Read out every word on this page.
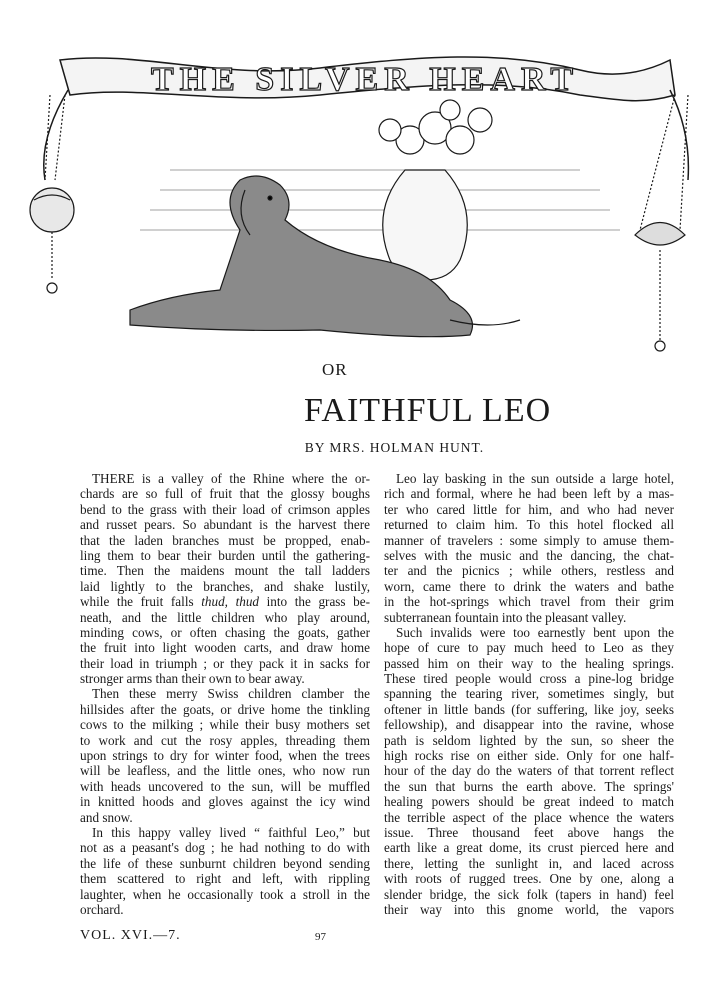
THE SILVER HEART
OR
FAITHFUL LEO
BY MRS. HOLMAN HUNT.
THERE is a valley of the Rhine where the or-
chards are so full of fruit that the glossy boughs
bend to the grass with their load of crimson apples
and russet pears. So abundant is the harvest there
that the laden branches must be propped, enab-
ling them to bear their burden until the gathering-
time. Then the maidens mount the tall ladders
laid lightly to the branches, and shake lustily,
while the fruit falls thud, thud into the grass be-
neath, and the little children who play around,
minding cows, or often chasing the goats, gather
the fruit into light wooden carts, and draw home
their load in triumph ; or they pack it in sacks for
stronger arms than their own to bear away.
Then these merry Swiss children clamber the
hillsides after the goats, or drive home the tinkling
cows to the milking ; while their busy mothers set
to work and cut the rosy apples, threading them
upon strings to dry for winter food, when the trees
will be leafless, and the little ones, who now run
with heads uncovered to the sun, will be muffled
in knitted hoods and gloves against the icy wind
and snow.
In this happy valley lived “ faithful Leo,” but
not as a peasant's dog ; he had nothing to do with
the life of these sunburnt children beyond sending
them scattered to right and left, with rippling
laughter, when he occasionally took a stroll in the
orchard.
Leo lay basking in the sun outside a large hotel,
rich and formal, where he had been left by a mas-
ter who cared little for him, and who had never
returned to claim him. To this hotel flocked all
manner of travelers : some simply to amuse them-
selves with the music and the dancing, the chat-
ter and the picnics ; while others, restless and
worn, came there to drink the waters and bathe
in the hot-springs which travel from their grim
subterranean fountain into the pleasant valley.
Such invalids were too earnestly bent upon the
hope of cure to pay much heed to Leo as they
passed him on their way to the healing springs.
These tired people would cross a pine-log bridge
spanning the tearing river, sometimes singly, but
oftener in little bands (for suffering, like joy, seeks
fellowship), and disappear into the ravine, whose
path is seldom lighted by the sun, so sheer the
high rocks rise on either side. Only for one half-
hour of the day do the waters of that torrent reflect
the sun that burns the earth above. The springs'
healing powers should be great indeed to match
the terrible aspect of the place whence the waters
issue. Three thousand feet above hangs the
earth like a great dome, its crust pierced here and
there, letting the sunlight in, and laced across
with roots of rugged trees. One by one, along a
slender bridge, the sick folk (tapers in hand) feel
their way into this gnome world, the vapors
VOL. XVI.—7.	97
